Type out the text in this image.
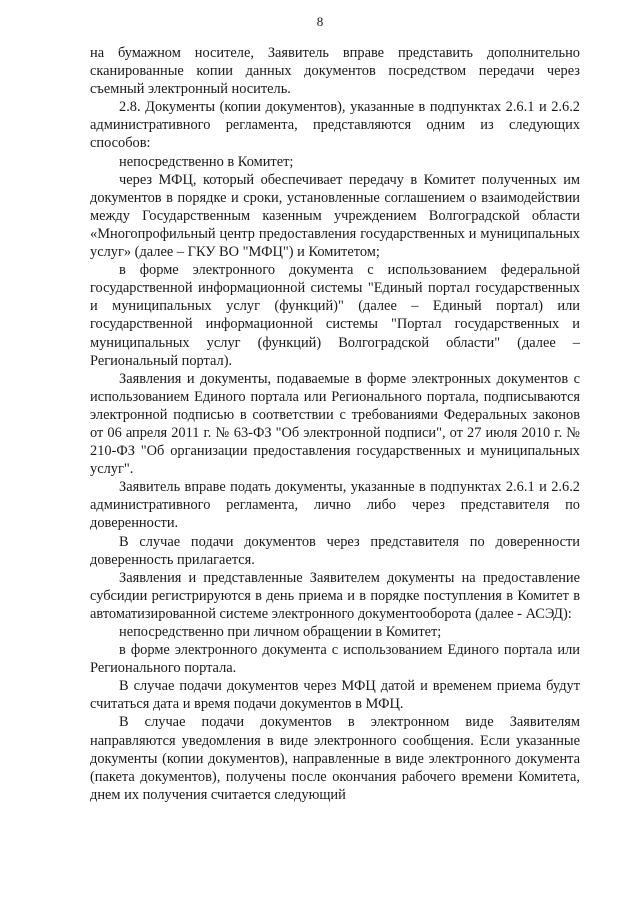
8

на бумажном носителе, Заявитель вправе представить дополнительно сканированные копии данных документов посредством передачи через съемный электронный носитель.

2.8. Документы (копии документов), указанные в подпунктах 2.6.1 и 2.6.2 административного регламента, представляются одним из следующих способов:

непосредственно в Комитет;

через МФЦ, который обеспечивает передачу в Комитет полученных им документов в порядке и сроки, установленные соглашением о взаимодействии между Государственным казенным учреждением Волгоградской области «Многопрофильный центр предоставления государственных и муниципальных услуг» (далее – ГКУ ВО "МФЦ") и Комитетом;

в форме электронного документа с использованием федеральной государственной информационной системы "Единый портал государственных и муниципальных услуг (функций)" (далее – Единый портал) или государственной информационной системы "Портал государственных и муниципальных услуг (функций) Волгоградской области" (далее – Региональный портал).

Заявления и документы, подаваемые в форме электронных документов с использованием Единого портала или Регионального портала, подписываются электронной подписью в соответствии с требованиями Федеральных законов от 06 апреля 2011 г. № 63-ФЗ "Об электронной подписи", от 27 июля 2010 г. № 210-ФЗ "Об организации предоставления государственных и муниципальных услуг".

Заявитель вправе подать документы, указанные в подпунктах 2.6.1 и 2.6.2 административного регламента, лично либо через представителя по доверенности.

В случае подачи документов через представителя по доверенности доверенность прилагается.

Заявления и представленные Заявителем документы на предоставление субсидии регистрируются в день приема и в порядке поступления в Комитет в автоматизированной системе электронного документооборота (далее - АСЭД):

непосредственно при личном обращении в Комитет;

в форме электронного документа с использованием Единого портала или Регионального портала.

В случае подачи документов через МФЦ датой и временем приема будут считаться дата и время подачи документов в МФЦ.

В случае подачи документов в электронном виде Заявителям направляются уведомления в виде электронного сообщения. Если указанные документы (копии документов), направленные в виде электронного документа (пакета документов), получены после окончания рабочего времени Комитета, днем их получения считается следующий
